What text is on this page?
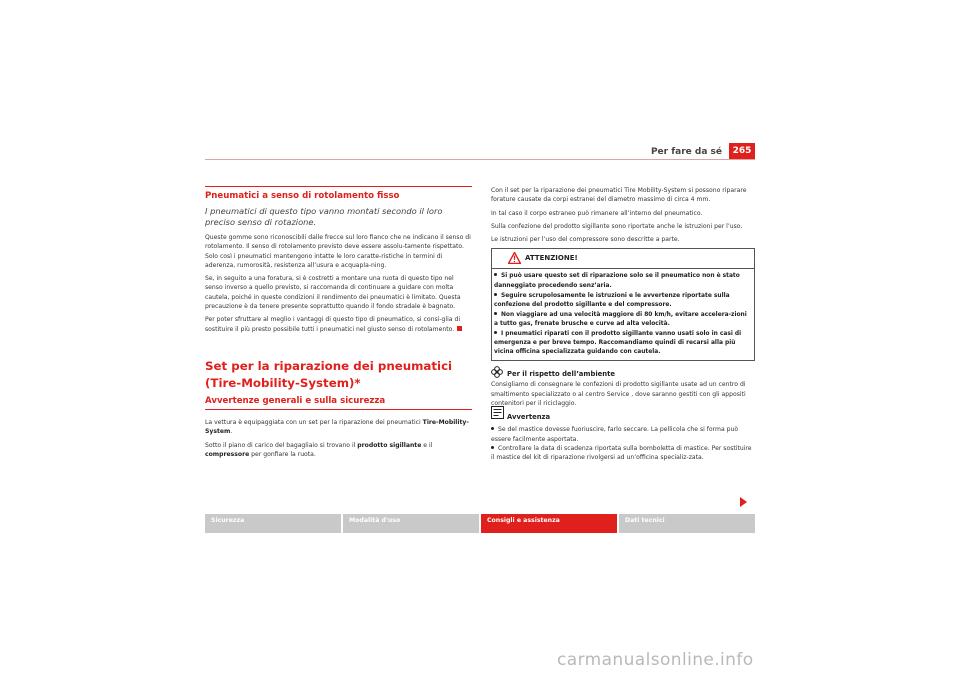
Per fare da sé	265
Pneumatici a senso di rotolamento fisso
I pneumatici di questo tipo vanno montati secondo il loro preciso senso di rotazione.

Queste gomme sono riconoscibili dalle frecce sul loro fianco che ne indicano il senso di rotolamento. Il senso di rotolamento previsto deve essere assolu-tamente rispettato. Solo così i pneumatici mantengono intatte le loro caratte-ristiche in termini di aderenza, rumorosità, resistenza all’usura e acquapla-ning.

Se, in seguito a una foratura, si è costretti a montare una ruota di questo tipo nel senso inverso a quello previsto, si raccomanda di continuare a guidare con molta cautela, poiché in queste condizioni il rendimento dei pneumatici è limitato. Questa precauzione è da tenere presente soprattutto quando il fondo stradale è bagnato.

Per poter sfruttare al meglio i vantaggi di questo tipo di pneumatico, si consi-glia di sostituire il più presto possibile tutti i pneumatici nel giusto senso di rotolamento.

Set per la riparazione dei pneumatici (Tire-Mobility-System)*
Avvertenze generali e sulla sicurezza

La vettura è equipaggiata con un set per la riparazione dei pneumatici Tire-Mobility-System.

Sotto il piano di carico del bagagliaio si trovano il prodotto sigillante e il compressore per gonfiare la ruota.

Con il set per la riparazione dei pneumatici Tire Mobility-System si possono riparare forature causate da corpi estranei del diametro massimo di circa 4 mm.

In tal caso il corpo estraneo può rimanere all’interno del pneumatico.

Sulla confezione del prodotto sigillante sono riportate anche le istruzioni per l’uso.

Le istruzioni per l’uso del compressore sono descritte a parte.

ATTENZIONE!
Si può usare questo set di riparazione solo se il pneumatico non è stato danneggiato procedendo senz’aria.
Seguire scrupolosamente le istruzioni e le avvertenze riportate sulla confezione del prodotto sigillante e del compressore.
Non viaggiare ad una velocità maggiore di 80 km/h, evitare accelera-zioni a tutto gas, frenate brusche e curve ad alta velocità.
I pneumatici riparati con il prodotto sigillante vanno usati solo in casi di emergenza e per breve tempo. Raccomandiamo quindi di recarsi alla più vicina officina specializzata guidando con cautela.
Per il rispetto dell’ambiente

Consigliamo di consegnare le confezioni di prodotto sigillante usate ad un centro di smaltimento specializzato o al centro Service , dove saranno gestiti con gli appositi contenitori per il riciclaggio.

Avvertenza
Se del mastice dovesse fuoriuscire, farlo seccare. La pellicola che si forma può essere facilmente asportata.
Controllare la data di scadenza riportata sulla bomboletta di mastice. Per sostituire il mastice del kit di riparazione rivolgersi ad un’officina specializ-zata.
Sicurezza	Modalità d'uso	Consigli e assistenza	Dati tecnici
carmanualsonline.info
